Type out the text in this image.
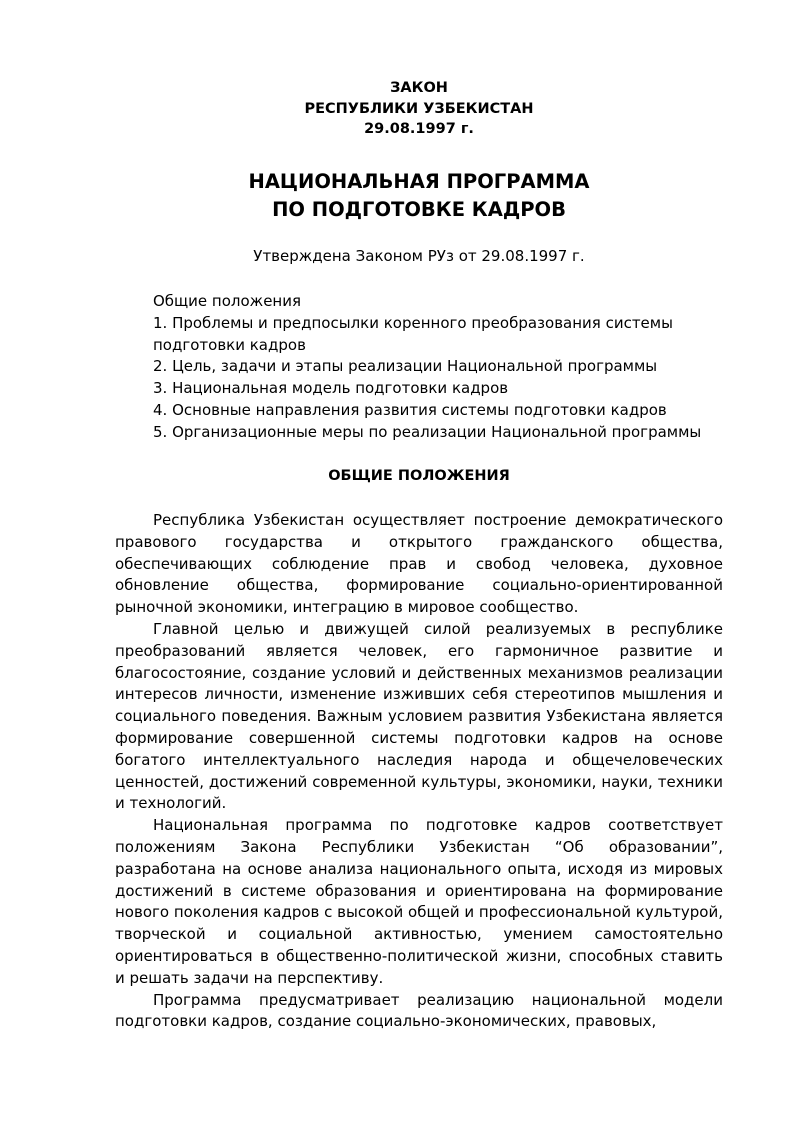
ЗАКОН
РЕСПУБЛИКИ УЗБЕКИСТАН
29.08.1997 г.
НАЦИОНАЛЬНАЯ ПРОГРАММА
ПО ПОДГОТОВКЕ КАДРОВ
Утверждена Законом РУз от 29.08.1997 г.
Общие положения
1. Проблемы и предпосылки коренного преобразования системы подготовки кадров
2. Цель, задачи и этапы реализации Национальной программы
3. Национальная модель подготовки кадров
4. Основные направления развития системы подготовки кадров
5. Организационные меры по реализации Национальной программы
ОБЩИЕ ПОЛОЖЕНИЯ

Республика Узбекистан осуществляет построение демократического правового государства и открытого гражданского общества, обеспечивающих соблюдение прав и свобод человека, духовное обновление общества, формирование социально-ориентированной рыночной экономики, интеграцию в мировое сообщество.

Главной целью и движущей силой реализуемых в республике преобразований является человек, его гармоничное развитие и благосостояние, создание условий и действенных механизмов реализации интересов личности, изменение изживших себя стереотипов мышления и социального поведения. Важным условием развития Узбекистана является формирование совершенной системы подготовки кадров на основе богатого интеллектуального наследия народа и общечеловеческих ценностей, достижений современной культуры, экономики, науки, техники и технологий.

Национальная программа по подготовке кадров соответствует положениям Закона Республики Узбекистан “Об образовании”, разработана на основе анализа национального опыта, исходя из мировых достижений в системе образования и ориентирована на формирование нового поколения кадров с высокой общей и профессиональной культурой, творческой и социальной активностью, умением самостоятельно ориентироваться в общественно-политической жизни, способных ставить и решать задачи на перспективу.

Программа предусматривает реализацию национальной модели подготовки кадров, создание социально-экономических, правовых,
